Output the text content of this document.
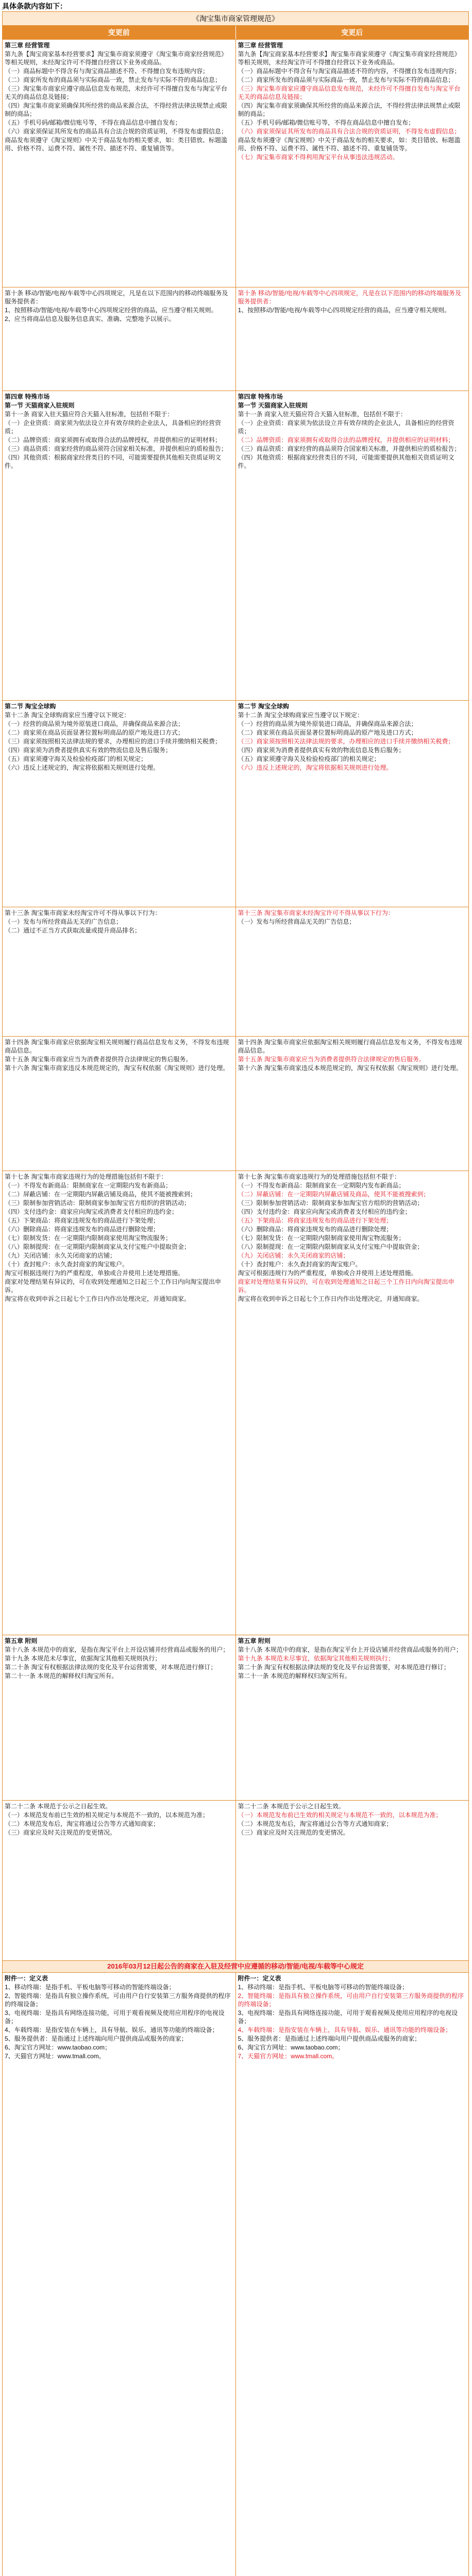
具体条款内容如下：
《淘宝集市商家管理规范》
变更前	变更后

第三章 经营管理

第九条【淘宝商家基本经营要求】淘宝集市商家须遵守《淘宝集市商家经营规范》等相关规则，未经淘宝许可不得擅自经营以下业务或商品。

（一）商品标题中不得含有与淘宝商品描述不符、不得擅自发布违规内容；

（二）商家所发布的商品须与实际商品一致，禁止发布与实际不符的商品信息；

（三）淘宝集市商家应遵守商品信息发布规范，未经许可不得擅自发布与淘宝平台无关的商品信息及链接；

（四）淘宝集市商家须确保其所经营的商品来源合法，不得经营法律法规禁止或限制的商品；

（五）手机号码/邮箱/微信账号等，不得在商品信息中擅自发布；

（六）商家须保证其所发布的商品具有合法合规的资质证明，不得发布虚假信息；

商品发布须遵守《淘宝规则》中关于商品发布的相关要求，如：类目错放、标题滥用、价格不符、运费不符、属性不符、描述不符、重复铺货等。

第三章 经营管理

第九条【淘宝商家基本经营要求】淘宝集市商家须遵守《淘宝集市商家经营规范》等相关规则，未经淘宝许可不得擅自经营以下业务或商品。

（一）商品标题中不得含有与淘宝商品描述不符的内容，不得擅自发布违规内容；

（二）商家所发布的商品须与实际商品一致，禁止发布与实际不符的商品信息；

（三）淘宝集市商家应遵守商品信息发布规范，未经许可不得擅自发布与淘宝平台无关的商品信息及链接；

（四）淘宝集市商家须确保其所经营的商品来源合法，不得经营法律法规禁止或限制的商品；

（五）手机号码/邮箱/微信账号等，不得在商品信息中擅自发布；

（六）商家须保证其所发布的商品具有合法合规的资质证明，不得发布虚假信息；

商品发布须遵守《淘宝规则》中关于商品发布的相关要求，如：类目错放、标题滥用、价格不符、运费不符、属性不符、描述不符、重复铺货等。

（七）淘宝集市商家不得利用淘宝平台从事违法违规活动。

第十条 移动/智能/电视/车载等中心四项规定，凡是在以下范围内的移动终端服务及服务提供者：

1、按照移动/智能/电视/车载等中心四项规定经营的商品，应当遵守相关规则。

2、应当将商品信息及服务信息真实、准确、完整地予以展示。

第十条 移动/智能/电视/车载等中心四项规定，凡是在以下范围内的移动终端服务及服务提供者：

1、按照移动/智能/电视/车载等中心四项规定经营的商品，应当遵守相关规则。

第四章 特殊市场

第一节 天猫商家入驻规则

第十一条 商家入驻天猫应符合天猫入驻标准，包括但不限于：

（一）企业资质：商家须为依法设立并有效存续的企业法人，具备相应的经营资质；

（二）品牌资质：商家须拥有或取得合法的品牌授权，并提供相应的证明材料；

（三）商品资质：商家经营的商品须符合国家相关标准，并提供相应的质检报告；

（四）其他资质：根据商家经营类目的不同，可能需要提供其他相关资质证明文件。

第四章 特殊市场

第一节 天猫商家入驻规则

第十一条 商家入驻天猫应符合天猫入驻标准，包括但不限于：

（一）企业资质：商家须为依法设立并有效存续的企业法人，具备相应的经营资质；

（二）品牌资质：商家须拥有或取得合法的品牌授权，并提供相应的证明材料；

（三）商品资质：商家经营的商品须符合国家相关标准，并提供相应的质检报告；

（四）其他资质：根据商家经营类目的不同，可能需要提供其他相关资质证明文件。

第二节 淘宝全球购

第十二条 淘宝全球购商家应当遵守以下规定：

（一）经营的商品须为境外原装进口商品，并确保商品来源合法；

（二）商家须在商品页面显著位置标明商品的原产地及进口方式；

（三）商家须按照相关法律法规的要求，办理相应的进口手续并缴纳相关税费；

（四）商家须为消费者提供真实有效的物流信息及售后服务；

（五）商家须遵守海关及检验检疫部门的相关规定；

（六）违反上述规定的，淘宝将依据相关规则进行处理。

第二节 淘宝全球购

第十二条 淘宝全球购商家应当遵守以下规定：

（一）经营的商品须为境外原装进口商品，并确保商品来源合法；

（二）商家须在商品页面显著位置标明商品的原产地及进口方式；

（三）商家须按照相关法律法规的要求，办理相应的进口手续并缴纳相关税费；

（四）商家须为消费者提供真实有效的物流信息及售后服务；

（五）商家须遵守海关及检验检疫部门的相关规定；

（六）违反上述规定的，淘宝将依据相关规则进行处理。

第十三条 淘宝集市商家未经淘宝许可不得从事以下行为：

（一）发布与所经营商品无关的广告信息；

（二）通过不正当方式获取流量或提升商品排名；

第十三条 淘宝集市商家未经淘宝许可不得从事以下行为：

（一）发布与所经营商品无关的广告信息；

第十四条 淘宝集市商家应依据淘宝相关规则履行商品信息发布义务，不得发布违规商品信息。

第十五条 淘宝集市商家应当为消费者提供符合法律规定的售后服务。

第十六条 淘宝集市商家违反本规范规定的，淘宝有权依据《淘宝规则》进行处理。

第十四条 淘宝集市商家应依据淘宝相关规则履行商品信息发布义务，不得发布违规商品信息。

第十五条 淘宝集市商家应当为消费者提供符合法律规定的售后服务。

第十六条 淘宝集市商家违反本规范规定的，淘宝有权依据《淘宝规则》进行处理。

第十七条 淘宝集市商家违规行为的处理措施包括但不限于：

（一）不得发布新商品：限制商家在一定期限内发布新商品；

（二）屏蔽店铺：在一定期限内屏蔽店铺及商品，使其不能被搜索到；

（三）限制参加营销活动：限制商家参加淘宝官方组织的营销活动；

（四）支付违约金：商家应向淘宝或消费者支付相应的违约金；

（五）下架商品：将商家违规发布的商品进行下架处理；

（六）删除商品：将商家违规发布的商品进行删除处理；

（七）限制发货：在一定期限内限制商家使用淘宝物流服务；

（八）限制提现：在一定期限内限制商家从支付宝账户中提取资金；

（九）关闭店铺：永久关闭商家的店铺；

（十）查封账户：永久查封商家的淘宝账户。

淘宝可根据违规行为的严重程度，单独或合并使用上述处理措施。

商家对处理结果有异议的，可在收到处理通知之日起三个工作日内向淘宝提出申诉。

淘宝将在收到申诉之日起七个工作日内作出处理决定，并通知商家。

第十七条 淘宝集市商家违规行为的处理措施包括但不限于：

（一）不得发布新商品：限制商家在一定期限内发布新商品；

（二）屏蔽店铺：在一定期限内屏蔽店铺及商品，使其不能被搜索到；

（三）限制参加营销活动：限制商家参加淘宝官方组织的营销活动；

（四）支付违约金：商家应向淘宝或消费者支付相应的违约金；

（五）下架商品：将商家违规发布的商品进行下架处理；

（六）删除商品：将商家违规发布的商品进行删除处理；

（七）限制发货：在一定期限内限制商家使用淘宝物流服务；

（八）限制提现：在一定期限内限制商家从支付宝账户中提取资金；

（九）关闭店铺：永久关闭商家的店铺；

（十）查封账户：永久查封商家的淘宝账户。

淘宝可根据违规行为的严重程度，单独或合并使用上述处理措施。

商家对处理结果有异议的，可在收到处理通知之日起三个工作日内向淘宝提出申诉。

淘宝将在收到申诉之日起七个工作日内作出处理决定，并通知商家。

第五章 附则

第十八条 本规范中的商家，是指在淘宝平台上开设店铺并经营商品或服务的用户；

第十九条 本规范未尽事宜，依据淘宝其他相关规则执行；

第二十条 淘宝有权根据法律法规的变化及平台运营需要，对本规范进行修订；

第二十一条 本规范的解释权归淘宝所有。

第五章 附则

第十八条 本规范中的商家，是指在淘宝平台上开设店铺并经营商品或服务的用户；

第十九条 本规范未尽事宜，依据淘宝其他相关规则执行；

第二十条 淘宝有权根据法律法规的变化及平台运营需要，对本规范进行修订；

第二十一条 本规范的解释权归淘宝所有。

第二十二条 本规范于公示之日起生效。

（一）本规范发布前已生效的相关规定与本规范不一致的，以本规范为准；

（二）本规范发布后，淘宝将通过公告等方式通知商家；

（三）商家应及时关注规范的变更情况。

第二十二条 本规范于公示之日起生效。

（一）本规范发布前已生效的相关规定与本规范不一致的，以本规范为准；

（二）本规范发布后，淘宝将通过公告等方式通知商家；

（三）商家应及时关注规范的变更情况。

2016年03月12日起公告的商家在入驻及经营中应遵循的移动/智能/电视/车载等中心规定

附件一：定义表

1、移动终端：是指手机、平板电脑等可移动的智能终端设备；

2、智能终端：是指具有独立操作系统，可由用户自行安装第三方服务商提供的程序的终端设备；

3、电视终端：是指具有网络连接功能，可用于观看视频及使用应用程序的电视设备；

4、车载终端：是指安装在车辆上，具有导航、娱乐、通讯等功能的终端设备；

5、服务提供者：是指通过上述终端向用户提供商品或服务的商家；

6、淘宝官方网址：www.taobao.com；

7、天猫官方网址：www.tmall.com。

附件一：定义表

1、移动终端：是指手机、平板电脑等可移动的智能终端设备；

2、智能终端：是指具有独立操作系统，可由用户自行安装第三方服务商提供的程序的终端设备；

3、电视终端：是指具有网络连接功能，可用于观看视频及使用应用程序的电视设备；

4、车载终端：是指安装在车辆上，具有导航、娱乐、通讯等功能的终端设备；

5、服务提供者：是指通过上述终端向用户提供商品或服务的商家；

6、淘宝官方网址：www.taobao.com；

7、天猫官方网址：www.tmall.com。
